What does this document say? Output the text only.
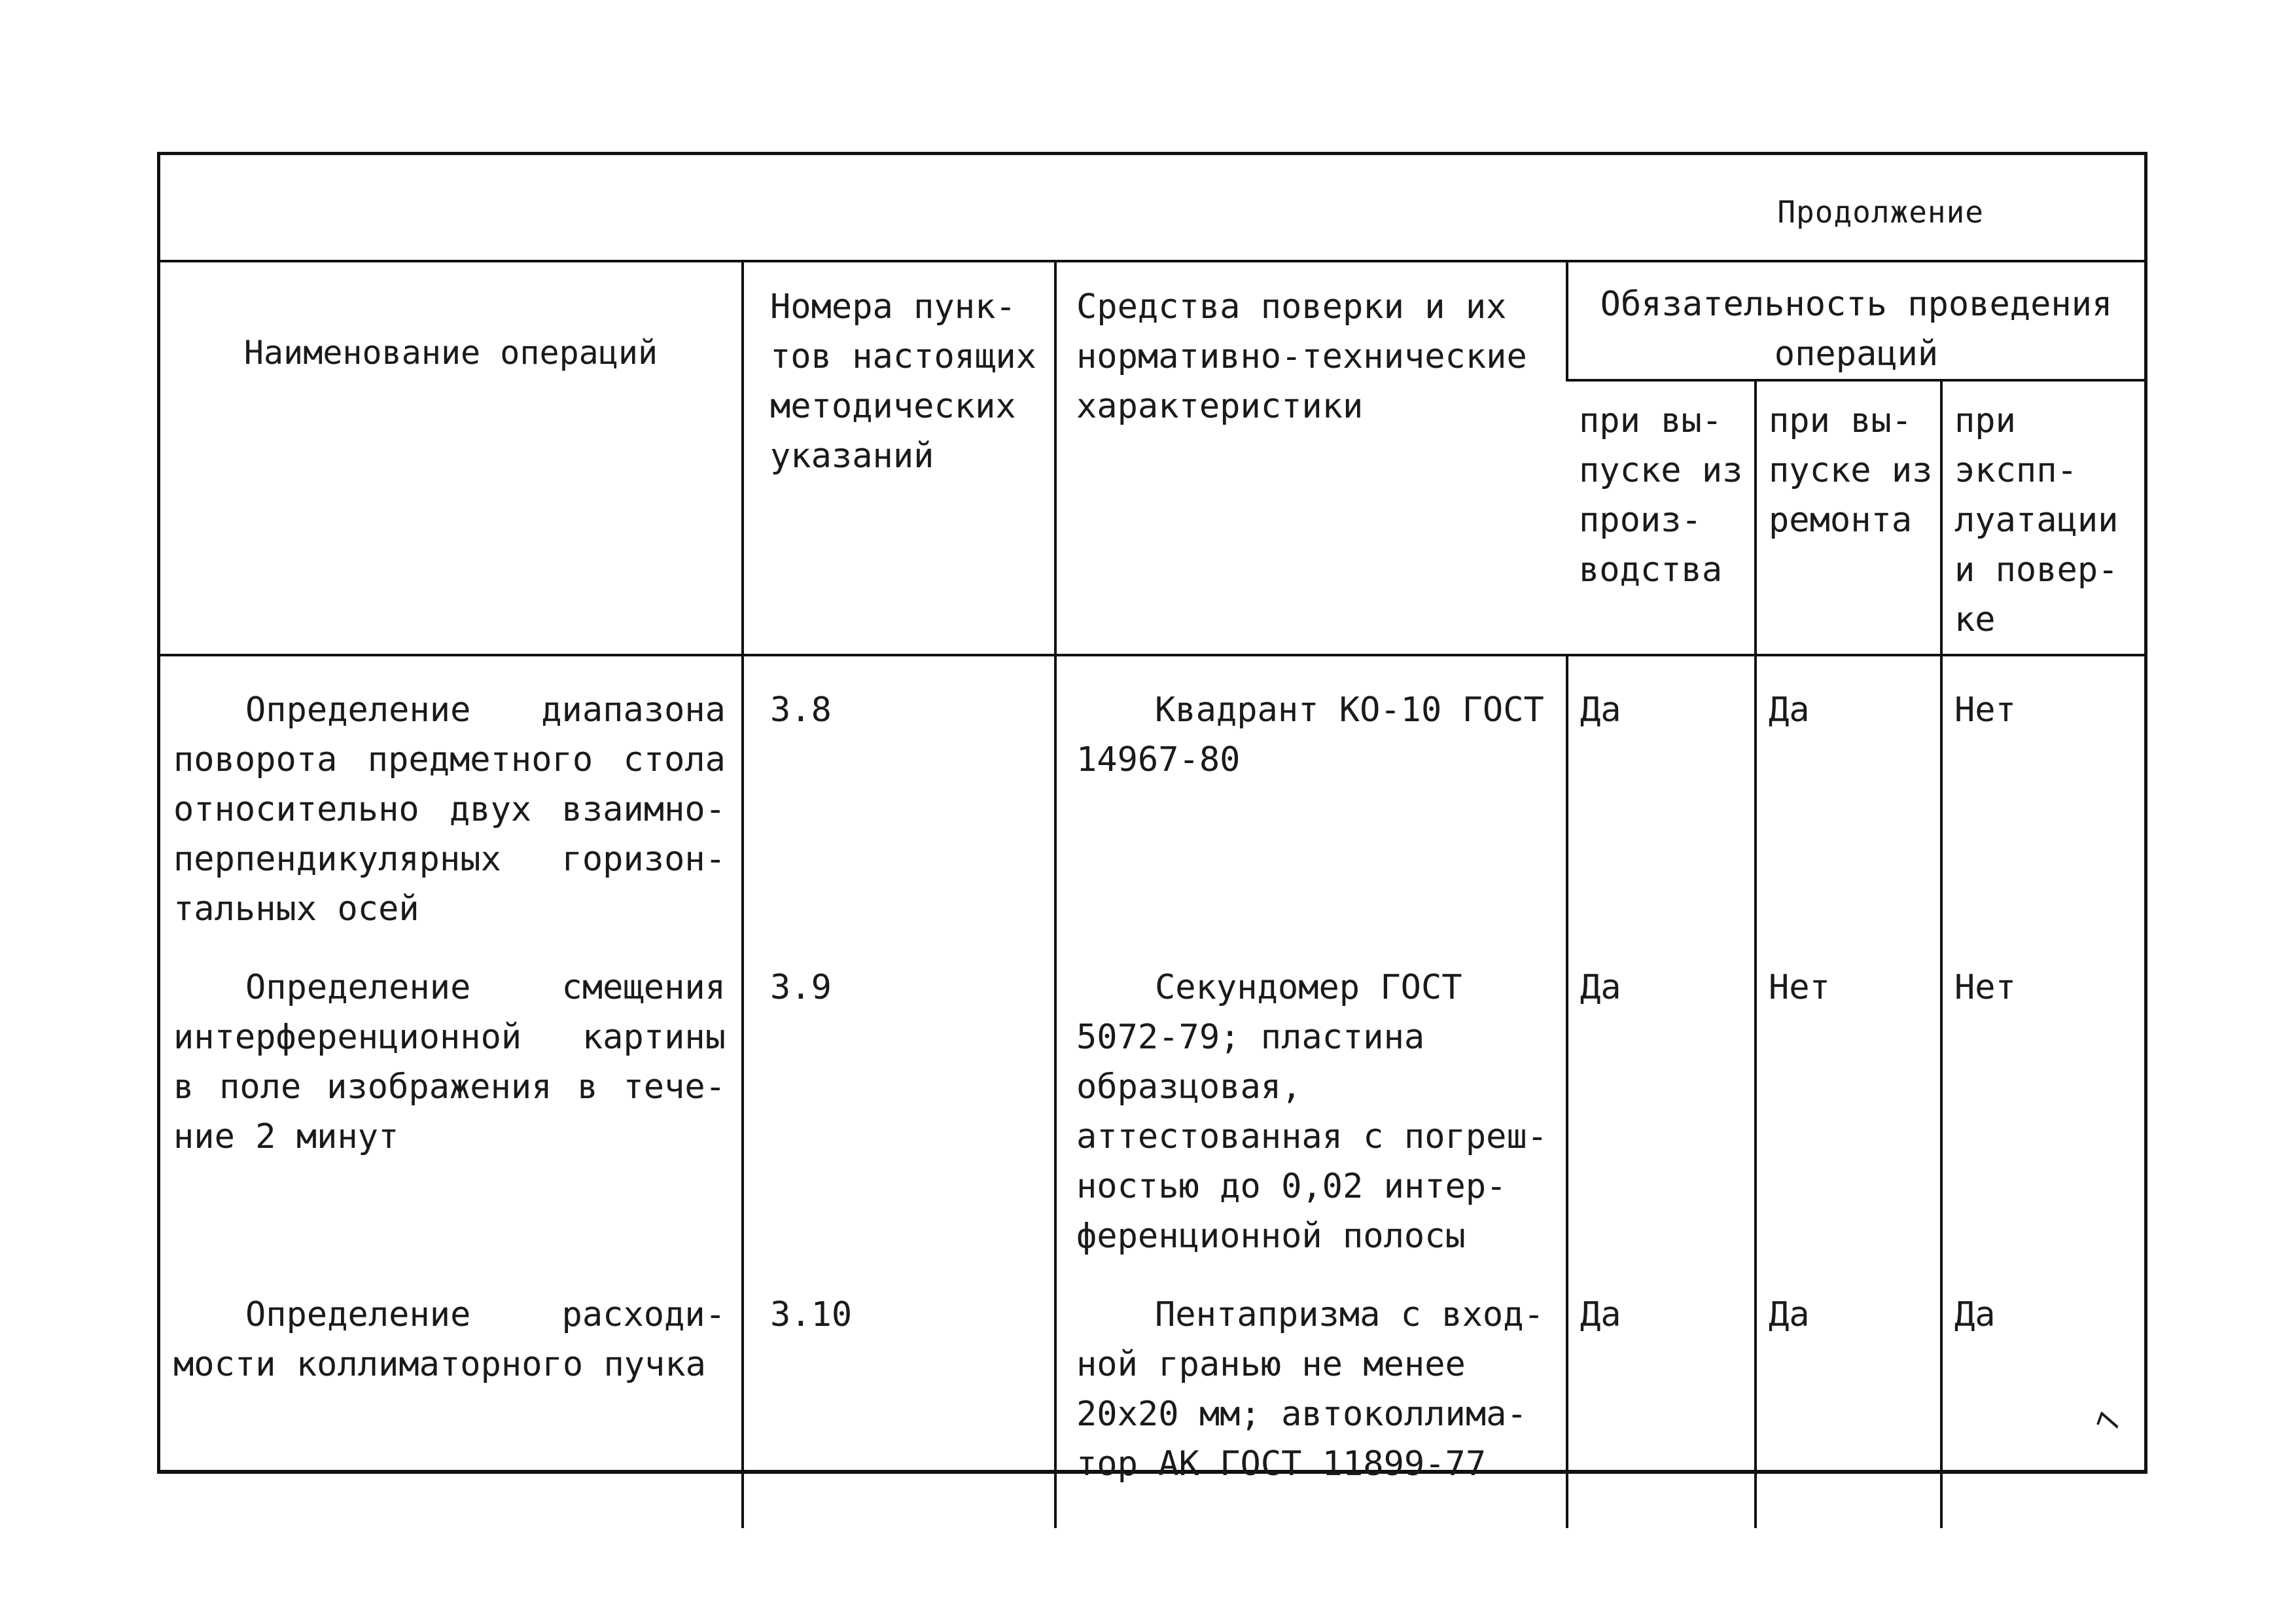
Продолжение
Наименование операций	Номера пунк- тов настоящих методических указаний	Средства поверки и их нормативно-технические характеристики	Обязательность проведения операций		
			при вы- пуске из произ- водства	при вы- пуске из ремонта	при экспп- луатации и повер- ке
Определение диапазона поворота предметного стола относительно двух взаимно- перпендикулярных горизон- тальных осей	3.8	Квадрант КО-10 ГОСТ 14967-80	Да	Да	Нет
Определение смещения интерференционной картины в поле изображения в тече- ние 2 минут	3.9	Секундомер ГОСТ 5072-79; пластина образцовая, аттестованная с погреш- ностью до 0,02 интер- ференционной полосы	Да	Нет	Нет
Определение расходи- мости коллиматорного пучка	3.10	Пентапризма с вход- ной гранью не менее 20x20 мм; автоколлима- тор АК ГОСТ 11899-77	Да	Да	Да
7
